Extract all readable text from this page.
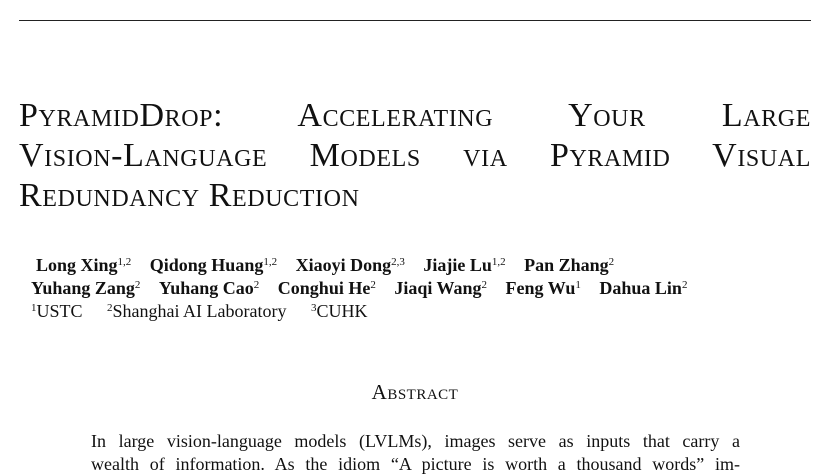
PyramidDrop: Accelerating Your Large
Vision-Language Models via Pyramid Visual
Redundancy Reduction
Long Xing$^{1,2}$ Qidong Huang$^{1,2}$ Xiaoyi Dong$^{2,3}$ Jiajie Lu$^{1,2}$ Pan Zhang$^2$
Yuhang Zang$^2$ Yuhang Cao$^2$ Conghui He$^2$ Jiaqi Wang$^2$ Feng Wu$^1$ Dahua Lin$^2$
$^1$USTC $^2$Shanghai AI Laboratory $^3$CUHK
Abstract
In large vision-language models (LVLMs), images serve as inputs that carry a
wealth of information. As the idiom “A picture is worth a thousand words” im-
